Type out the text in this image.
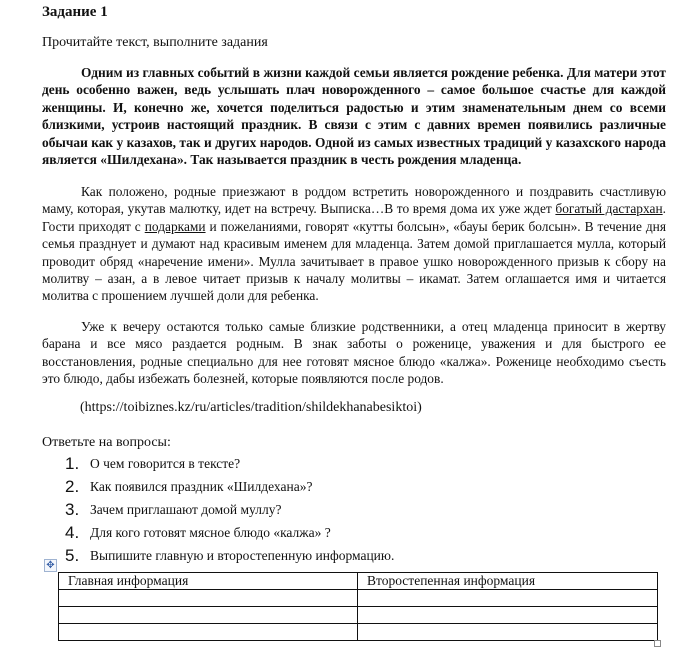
Задание 1
Прочитайте текст, выполните задания

Одним из главных событий в жизни каждой семьи является рождение ребенка. Для матери этот день особенно важен, ведь услышать плач новорожденного – самое большое счастье для каждой женщины. И, конечно же, хочется поделиться радостью и этим знаменательным днем со всеми близкими, устроив настоящий праздник. В связи с этим с давних времен появились различные обычаи как у казахов, так и других народов. Одной из самых известных традиций у казахского народа является «Шилдехана». Так называется праздник в честь рождения младенца.

Как положено, родные приезжают в роддом встретить новорожденного и поздравить счастливую маму, которая, укутав малютку, идет на встречу. Выписка…В то время дома их уже ждет богатый дастархан. Гости приходят с подарками и пожеланиями, говорят «кутты болсын», «бауы берик болсын». В течение дня семья празднует и думают над красивым именем для младенца. Затем домой приглашается мулла, который проводит обряд «наречение имени». Мулла зачитывает в правое ушко новорожденного призыв к сбору на молитву – азан, а в левое читает призыв к началу молитвы – икамат. Затем оглашается имя и читается молитва с прошением лучшей доли для ребенка.

Уже к вечеру остаются только самые близкие родственники, а отец младенца приносит в жертву барана и все мясо раздается родным. В знак заботы о роженице, уважения и для быстрого ее восстановления, родные специально для нее готовят мясное блюдо «калжа». Роженице необходимо съесть это блюдо, дабы избежать болезней, которые появляются после родов.

(https://toibiznes.kz/ru/articles/tradition/shildekhanabesiktoi)
Ответьте на вопросы:
1. О чем говорится в тексте?
2. Как появился праздник «Шилдехана»?
3. Зачем приглашают домой муллу?
4. Для кого готовят мясное блюдо «калжа» ?
5. Выпишите главную и второстепенную информацию.
✥
Главная информация	Второстепенная информация
